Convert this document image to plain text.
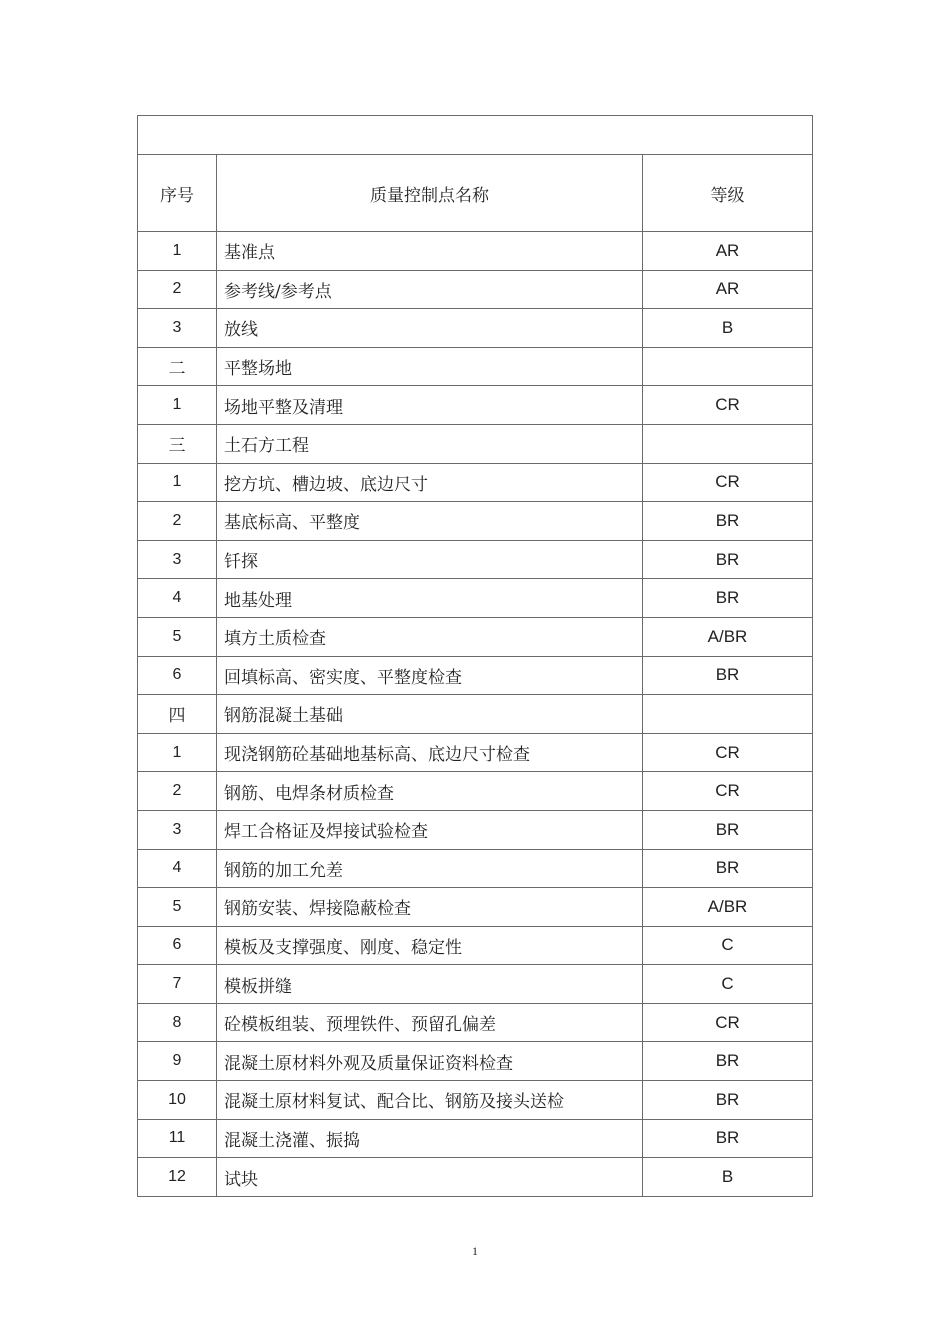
序号	质量控制点名称	等级
1	基准点	AR
2	参考线/参考点	AR
3	放线	B
二	平整场地	
1	场地平整及清理	CR
三	土石方工程	
1	挖方坑、槽边坡、底边尺寸	CR
2	基底标高、平整度	BR
3	钎探	BR
4	地基处理	BR
5	填方土质检查	A/BR
6	回填标高、密实度、平整度检查	BR
四	钢筋混凝土基础	
1	现浇钢筋砼基础地基标高、底边尺寸检查	CR
2	钢筋、电焊条材质检查	CR
3	焊工合格证及焊接试验检查	BR
4	钢筋的加工允差	BR
5	钢筋安装、焊接隐蔽检查	A/BR
6	模板及支撑强度、刚度、稳定性	C
7	模板拼缝	C
8	砼模板组装、预埋铁件、预留孔偏差	CR
9	混凝土原材料外观及质量保证资料检查	BR
10	混凝土原材料复试、配合比、钢筋及接头送检	BR
11	混凝土浇灌、振捣	BR
12	试块	B
1
